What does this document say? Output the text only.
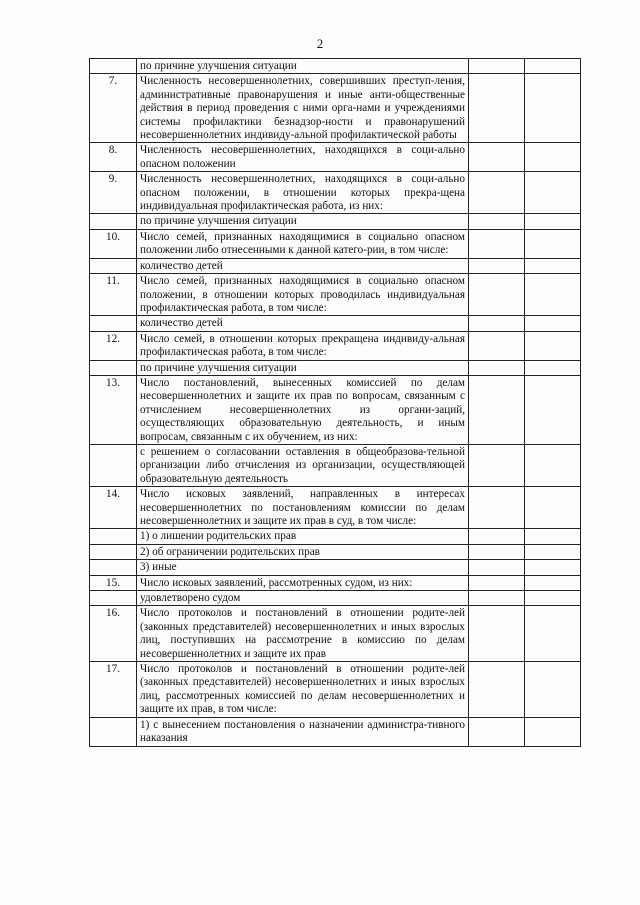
2
	по причине улучшения ситуации		
7.	Численность несовершеннолетних, совершивших преступ-ления, административные правонарушения и иные анти-общественные действия в период проведения с ними орга-нами и учреждениями системы профилактики безнадзор-ности и правонарушений несовершеннолетних индивиду-альной профилактической работы		
8.	Численность несовершеннолетних, находящихся в соци-ально опасном положении		
9.	Численность несовершеннолетних, находящихся в соци-ально опасном положении, в отношении которых прекра-щена индивидуальная профилактическая работа, из них:		
	по причине улучшения ситуации		
10.	Число семей, признанных находящимися в социально опасном положении либо отнесенными к данной катего-рии, в том числе:		
	количество детей		
11.	Число семей, признанных находящимися в социально опасном положении, в отношении которых проводилась индивидуальная профилактическая работа, в том числе:		
	количество детей		
12.	Число семей, в отношении которых прекращена индивиду-альная профилактическая работа, в том числе:		
	по причине улучшения ситуации		
13.	Число постановлений, вынесенных комиссией по делам несовершеннолетних и защите их прав по вопросам, связанным с отчислением несовершеннолетних из органи-заций, осуществляющих образовательную деятельность, и иным вопросам, связанным с их обучением, из них:		
	с решением о согласовании оставления в общеобразова-тельной организации либо отчисления из организации, осуществляющей образовательную деятельность		
14.	Число исковых заявлений, направленных в интересах несовершеннолетних по постановлениям комиссии по делам несовершеннолетних и защите их прав в суд, в том числе:		
	1) о лишении родительских прав		
	2) об ограничении родительских прав		
	3) иные		
15.	Число исковых заявлений, рассмотренных судом, из них:		
	удовлетворено судом		
16.	Число протоколов и постановлений в отношении родите-лей (законных представителей) несовершеннолетних и иных взрослых лиц, поступивших на рассмотрение в комиссию по делам несовершеннолетних и защите их прав		
17.	Число протоколов и постановлений в отношении родите-лей (законных представителей) несовершеннолетних и иных взрослых лиц, рассмотренных комиссией по делам несовершеннолетних и защите их прав, в том числе:		
	1) с вынесением постановления о назначении администра-тивного наказания		
